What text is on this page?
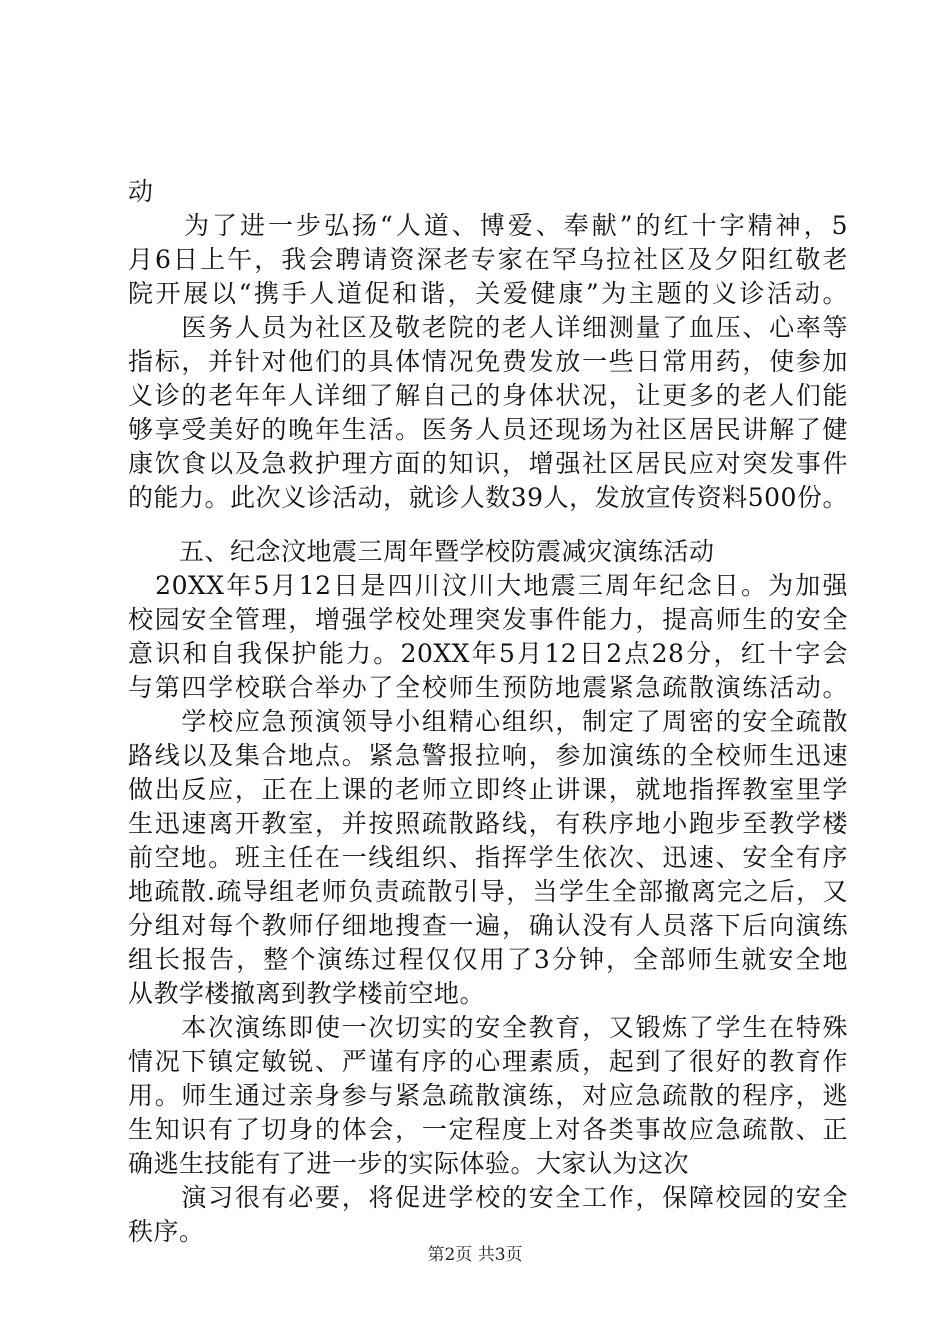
动
　　为了进一步弘扬“人道、博爱、奉献”的红十字精神，5
月6日上午，我会聘请资深老专家在罕乌拉社区及夕阳红敬老
院开展以“携手人道促和谐，关爱健康”为主题的义诊活动。
　　医务人员为社区及敬老院的老人详细测量了血压、心率等
指标，并针对他们的具体情况免费发放一些日常用药，使参加
义诊的老年年人详细了解自己的身体状况，让更多的老人们能
够享受美好的晚年生活。医务人员还现场为社区居民讲解了健
康饮食以及急救护理方面的知识，增强社区居民应对突发事件
的能力。此次义诊活动，就诊人数39人，发放宣传资料500份。
　　五、纪念汶地震三周年暨学校防震减灾演练活动
　20XX年5月12日是四川汶川大地震三周年纪念日。为加强
校园安全管理，增强学校处理突发事件能力，提高师生的安全
意识和自我保护能力。20XX年5月12日2点28分，红十字会
与第四学校联合举办了全校师生预防地震紧急疏散演练活动。
　　学校应急预演领导小组精心组织，制定了周密的安全疏散
路线以及集合地点。紧急警报拉响，参加演练的全校师生迅速
做出反应，正在上课的老师立即终止讲课，就地指挥教室里学
生迅速离开教室，并按照疏散路线，有秩序地小跑步至教学楼
前空地。班主任在一线组织、指挥学生依次、迅速、安全有序
地疏散.疏导组老师负责疏散引导，当学生全部撤离完之后，又
分组对每个教师仔细地搜查一遍，确认没有人员落下后向演练
组长报告，整个演练过程仅仅用了3分钟，全部师生就安全地
从教学楼撤离到教学楼前空地。
　　本次演练即使一次切实的安全教育，又锻炼了学生在特殊
情况下镇定敏锐、严谨有序的心理素质，起到了很好的教育作
用。师生通过亲身参与紧急疏散演练，对应急疏散的程序，逃
生知识有了切身的体会，一定程度上对各类事故应急疏散、正
确逃生技能有了进一步的实际体验。大家认为这次
　　演习很有必要，将促进学校的安全工作，保障校园的安全
秩序。
第2页 共3页
